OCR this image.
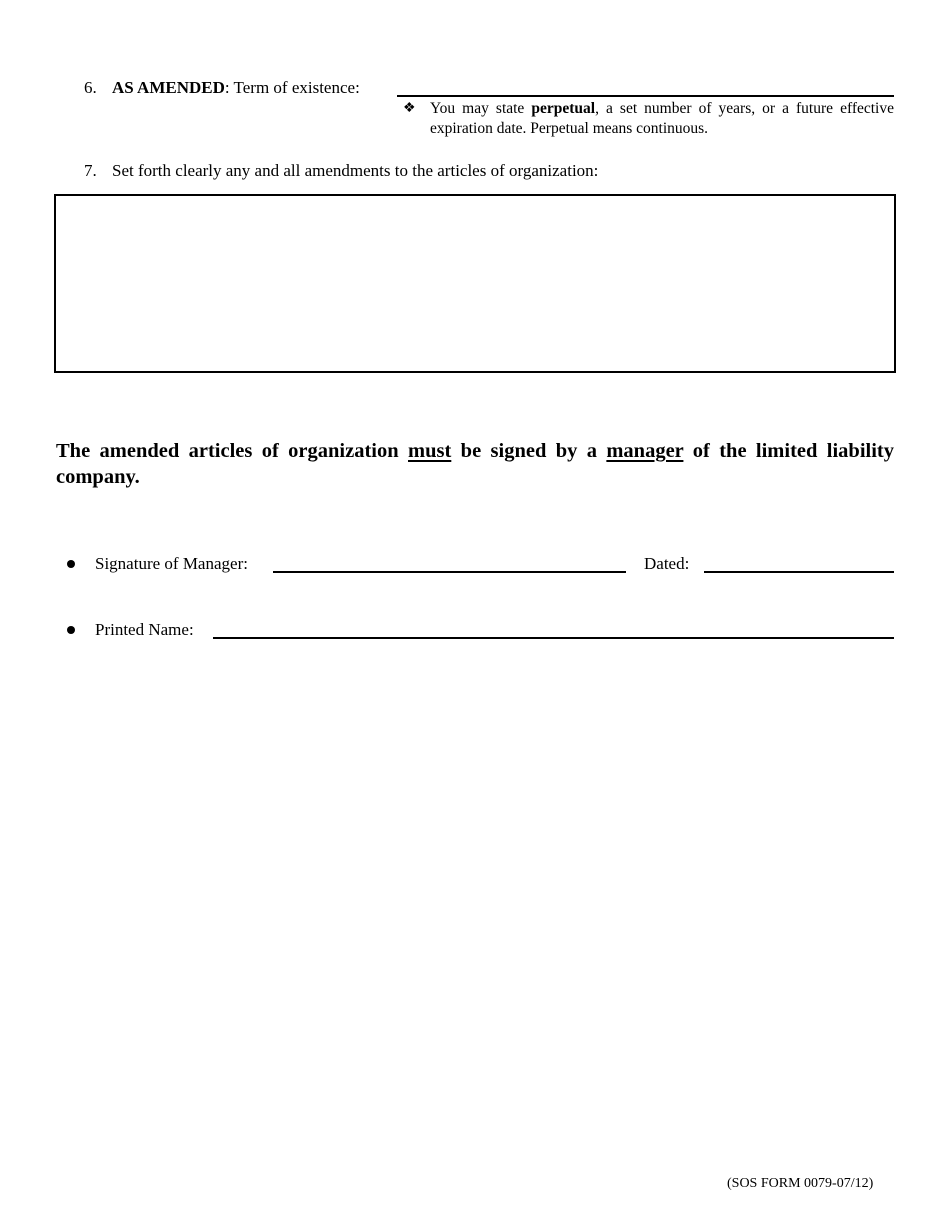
6. AS AMENDED: Term of existence:
❖ You may state perpetual, a set number of years, or a future effective expiration date. Perpetual means continuous.
7. Set forth clearly any and all amendments to the articles of organization:
The amended articles of organization must be signed by a manager of the limited liability company.
Signature of Manager:	Dated:
Printed Name:
(SOS FORM 0079-07/12)
